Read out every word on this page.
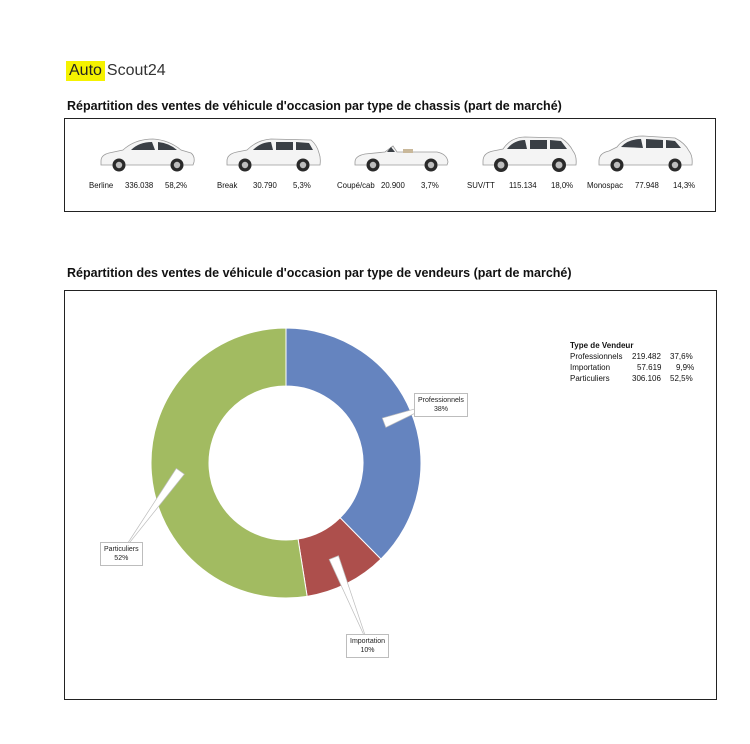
Auto Scout24
Répartition des ventes de véhicule d'occasion par type de chassis (part de marché)
Berline 336.038 58,2%	Break 30.790 5,3%	Coupé/cab 20.900 3,7%	SUV/TT 115.134 18,0% Monospac 77.948 14,3%
Répartition des ventes de véhicule d'occasion par type de vendeurs (part de marché)
Professionnels
38%
Importation
10%
Particuliers
52%
Type de Vendeur
Professionnels 219.482 37,6%
Importation	57.619 9,9%
Particuliers	306.106 52,5%
